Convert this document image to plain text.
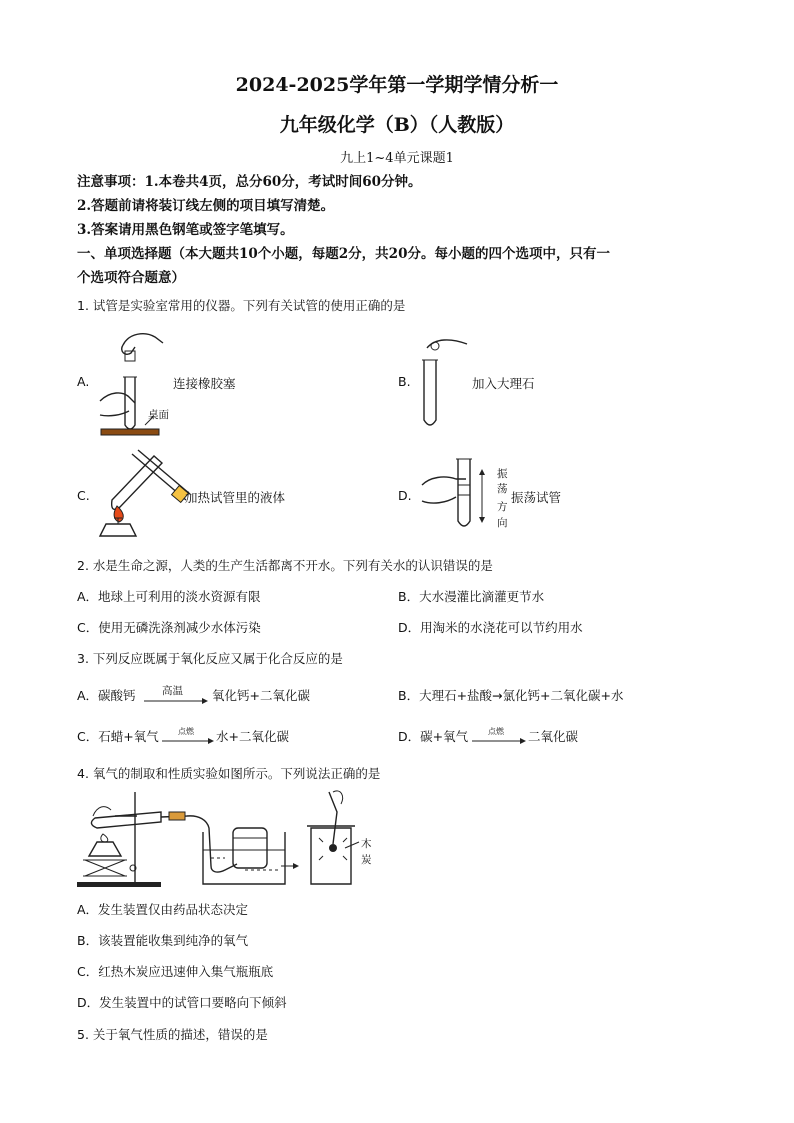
2024-2025学年第一学期学情分析一
九年级化学（B）（人教版）
九上1~4单元课题1
注意事项：1.本卷共4页，总分60分，考试时间60分钟。
2.答题前请将装订线左侧的项目填写清楚。
3.答案请用黑色钢笔或签字笔填写。
一、单项选择题（本大题共10个小题，每题2分，共20分。每小题的四个选项中，只有一
个选项符合题意）
1. 试管是实验室常用的仪器。下列有关试管的使用正确的是
A.
桌面
连接橡胶塞	B.	加入大理石
C.	加热试管里的液体	D.
振
荡
方
向
振荡试管
2. 水是生命之源，人类的生产生活都离不开水。下列有关水的认识错误的是
A．地球上可利用的淡水资源有限	B．大水漫灌比滴灌更节水
C．使用无磷洗涤剂减少水体污染	D．用淘米的水浇花可以节约用水
3. 下列反应既属于氧化反应又属于化合反应的是
A．碳酸钙	高温 氧化钙+二氧化碳	B．大理石+盐酸→氯化钙+二氧化碳+水
C．石蜡+氧气 点燃 水+二氧化碳	D．碳+氧气 点燃 二氧化碳
4. 氧气的制取和性质实验如图所示。下列说法正确的是
木
炭
A．发生装置仅由药品状态决定
B．该装置能收集到纯净的氧气
C．红热木炭应迅速伸入集气瓶瓶底
D．发生装置中的试管口要略向下倾斜
5. 关于氧气性质的描述，错误的是
